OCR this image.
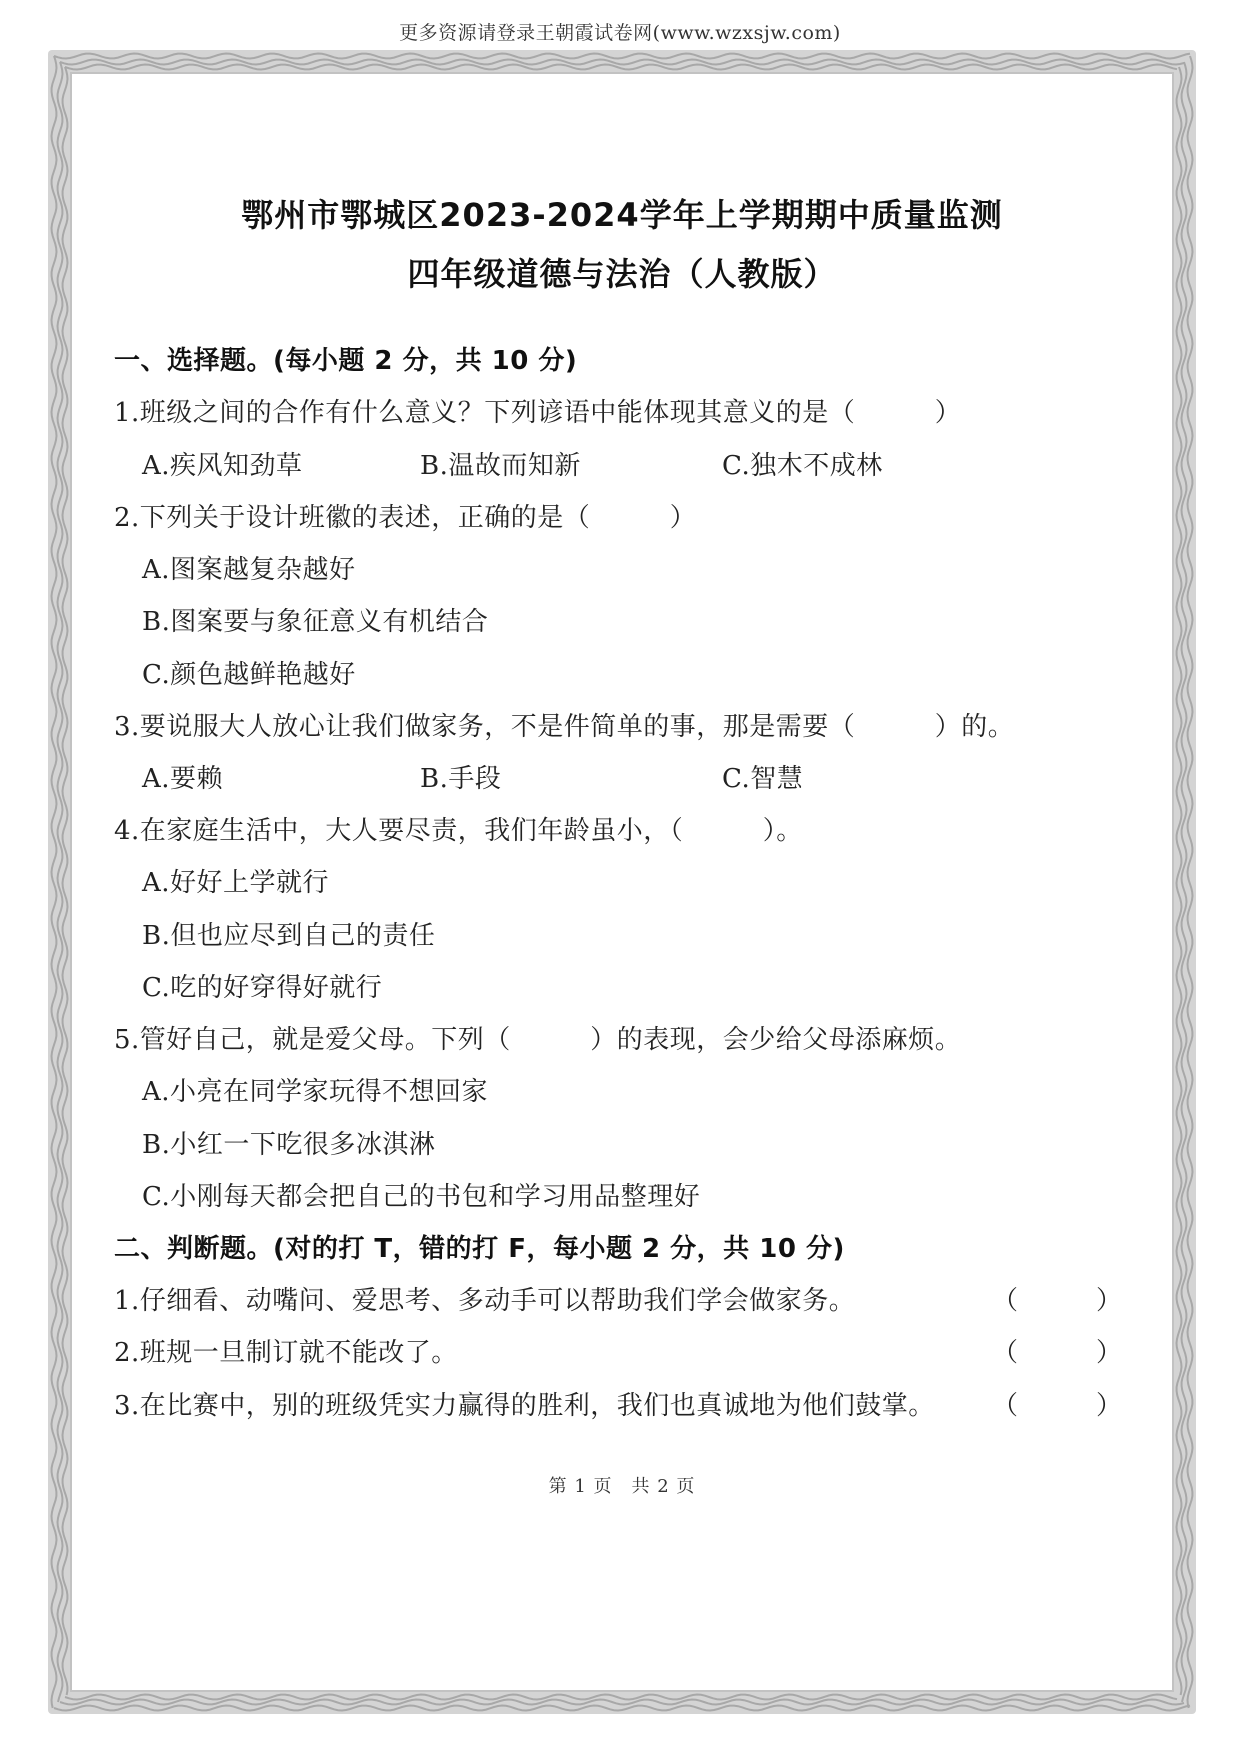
更多资源请登录王朝霞试卷网(www.wzxsjw.com)
鄂州市鄂城区2023-2024学年上学期期中质量监测
四年级道德与法治（人教版）
一、选择题。(每小题 2 分，共 10 分)
1.班级之间的合作有什么意义？下列谚语中能体现其意义的是（　　　）
A.疾风知劲草	B.温故而知新	C.独木不成林
2.下列关于设计班徽的表述，正确的是（　　　）
A.图案越复杂越好
B.图案要与象征意义有机结合
C.颜色越鲜艳越好
3.要说服大人放心让我们做家务，不是件简单的事，那是需要（　　　）的。
A.要赖	B.手段	C.智慧
4.在家庭生活中，大人要尽责，我们年龄虽小，（　　　）。
A.好好上学就行
B.但也应尽到自己的责任
C.吃的好穿得好就行
5.管好自己，就是爱父母。下列（　　　）的表现，会少给父母添麻烦。
A.小亮在同学家玩得不想回家
B.小红一下吃很多冰淇淋
C.小刚每天都会把自己的书包和学习用品整理好
二、判断题。(对的打 T，错的打 F，每小题 2 分，共 10 分)
1.仔细看、动嘴问、爱思考、多动手可以帮助我们学会做家务。	（　　　）
2.班规一旦制订就不能改了。	（　　　）
3.在比赛中，别的班级凭实力赢得的胜利，我们也真诚地为他们鼓掌。 （　　　）
第 1 页　共 2 页
